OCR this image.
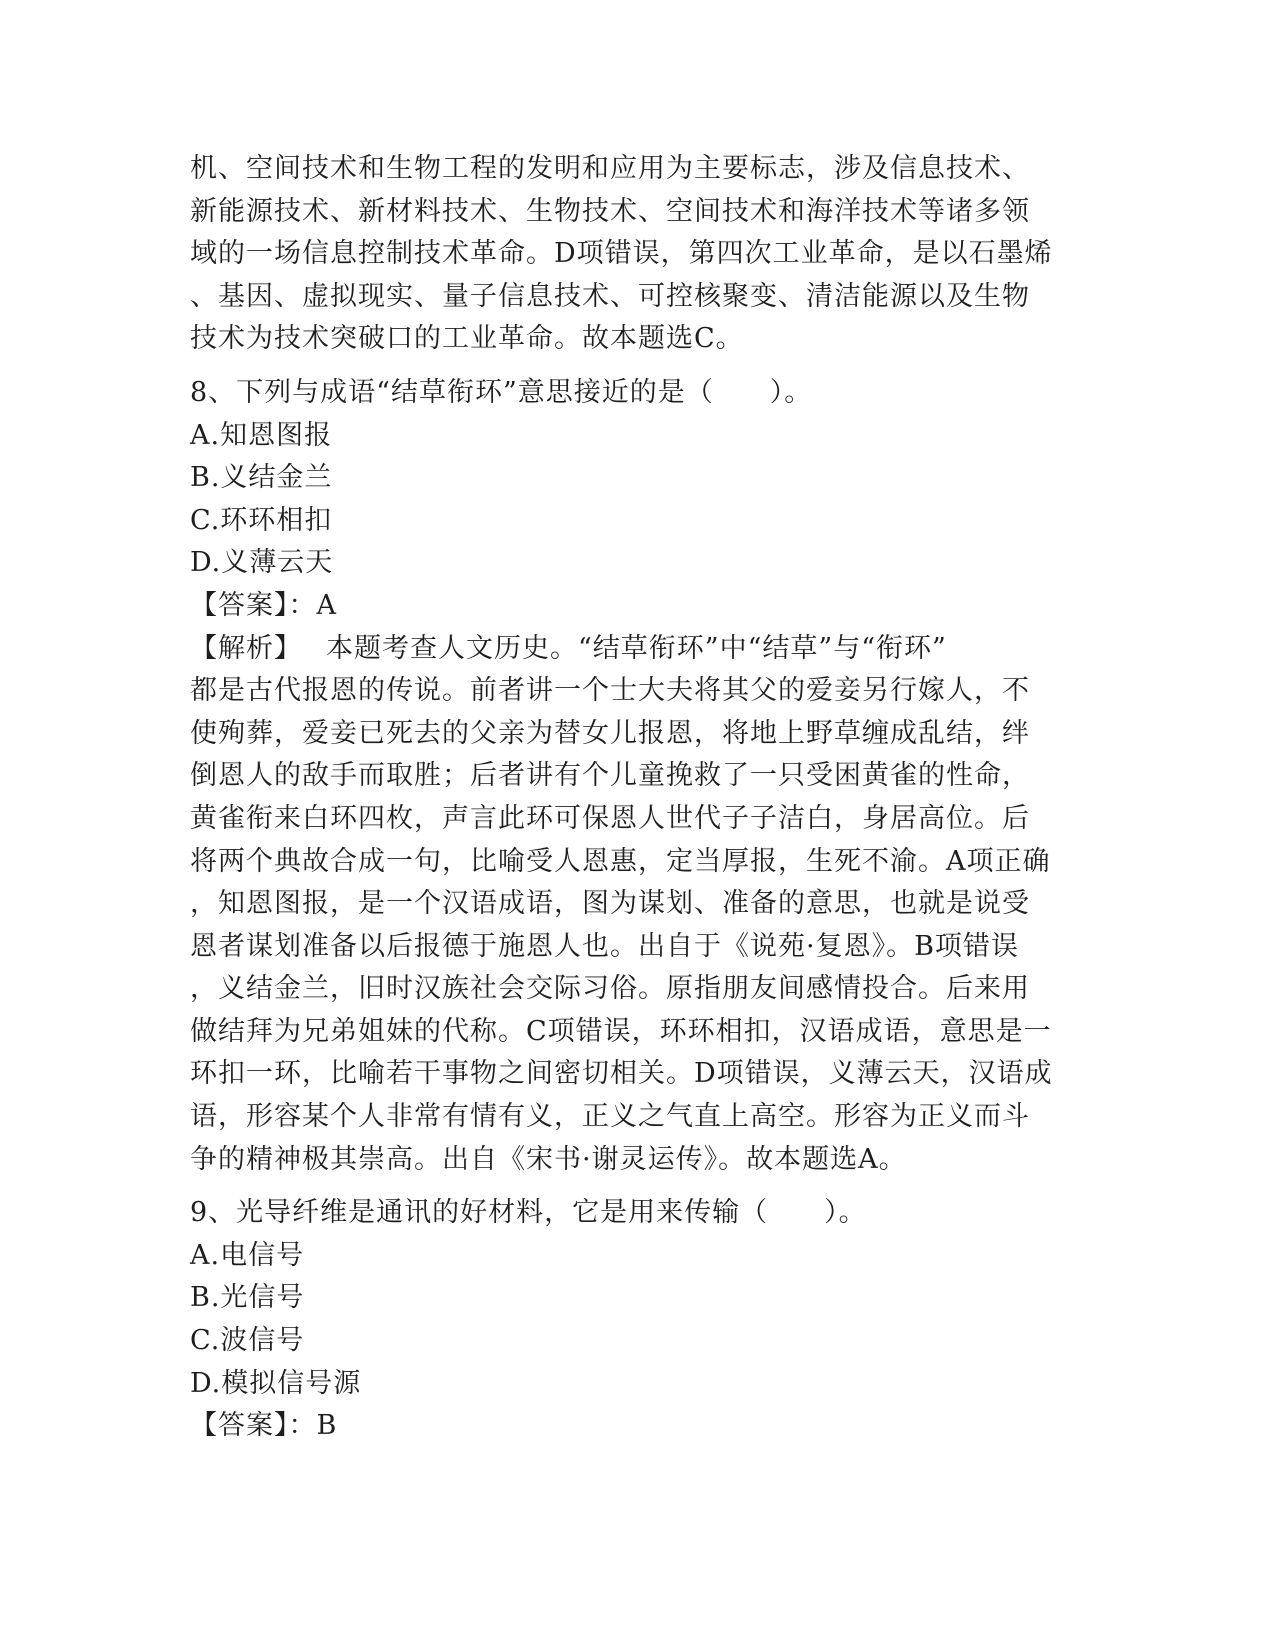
机、空间技术和生物工程的发明和应用为主要标志，涉及信息技术、
新能源技术、新材料技术、生物技术、空间技术和海洋技术等诸多领
域的一场信息控制技术革命。D项错误，第四次工业革命，是以石墨烯
、基因、虚拟现实、量子信息技术、可控核聚变、清洁能源以及生物
技术为技术突破口的工业革命。故本题选C。
8、下列与成语“结草衔环”意思接近的是（　　）。
A.知恩图报
B.义结金兰
C.环环相扣
D.义薄云天
【答案】：A
【解析】 本题考查人文历史。“结草衔环”中“结草”与“衔环”
都是古代报恩的传说。前者讲一个士大夫将其父的爱妾另行嫁人，不
使殉葬，爱妾已死去的父亲为替女儿报恩，将地上野草缠成乱结，绊
倒恩人的敌手而取胜；后者讲有个儿童挽救了一只受困黄雀的性命，
黄雀衔来白环四枚，声言此环可保恩人世代子子洁白，身居高位。后
将两个典故合成一句，比喻受人恩惠，定当厚报，生死不渝。A项正确
，知恩图报，是一个汉语成语，图为谋划、准备的意思，也就是说受
恩者谋划准备以后报德于施恩人也。出自于《说苑·复恩》。B项错误
，义结金兰，旧时汉族社会交际习俗。原指朋友间感情投合。后来用
做结拜为兄弟姐妹的代称。C项错误，环环相扣，汉语成语，意思是一
环扣一环，比喻若干事物之间密切相关。D项错误，义薄云天，汉语成
语，形容某个人非常有情有义，正义之气直上高空。形容为正义而斗
争的精神极其崇高。出自《宋书·谢灵运传》。故本题选A。
9、光导纤维是通讯的好材料，它是用来传输（　　）。
A.电信号
B.光信号
C.波信号
D.模拟信号源
【答案】：B
